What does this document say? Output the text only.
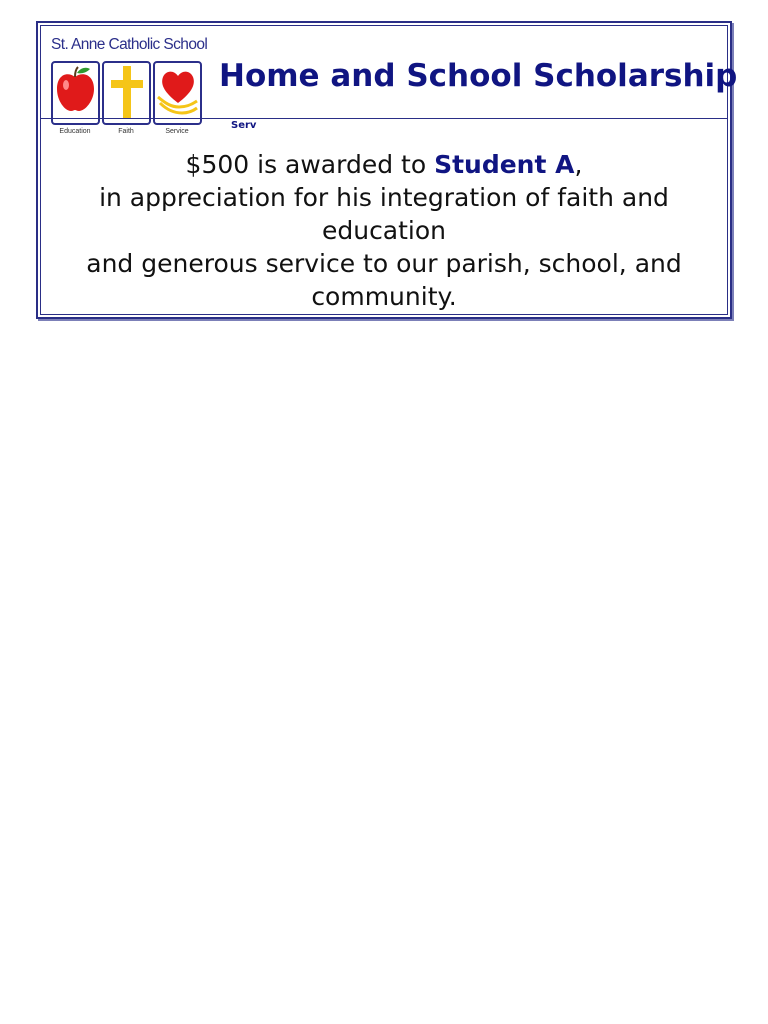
St. Anne Catholic School
Education	Faith	Service
Home and School Scholarship
Serv

$500 is awarded to Student A,

in appreciation for his integration of faith and education

and generous service to our parish, school, and community.
